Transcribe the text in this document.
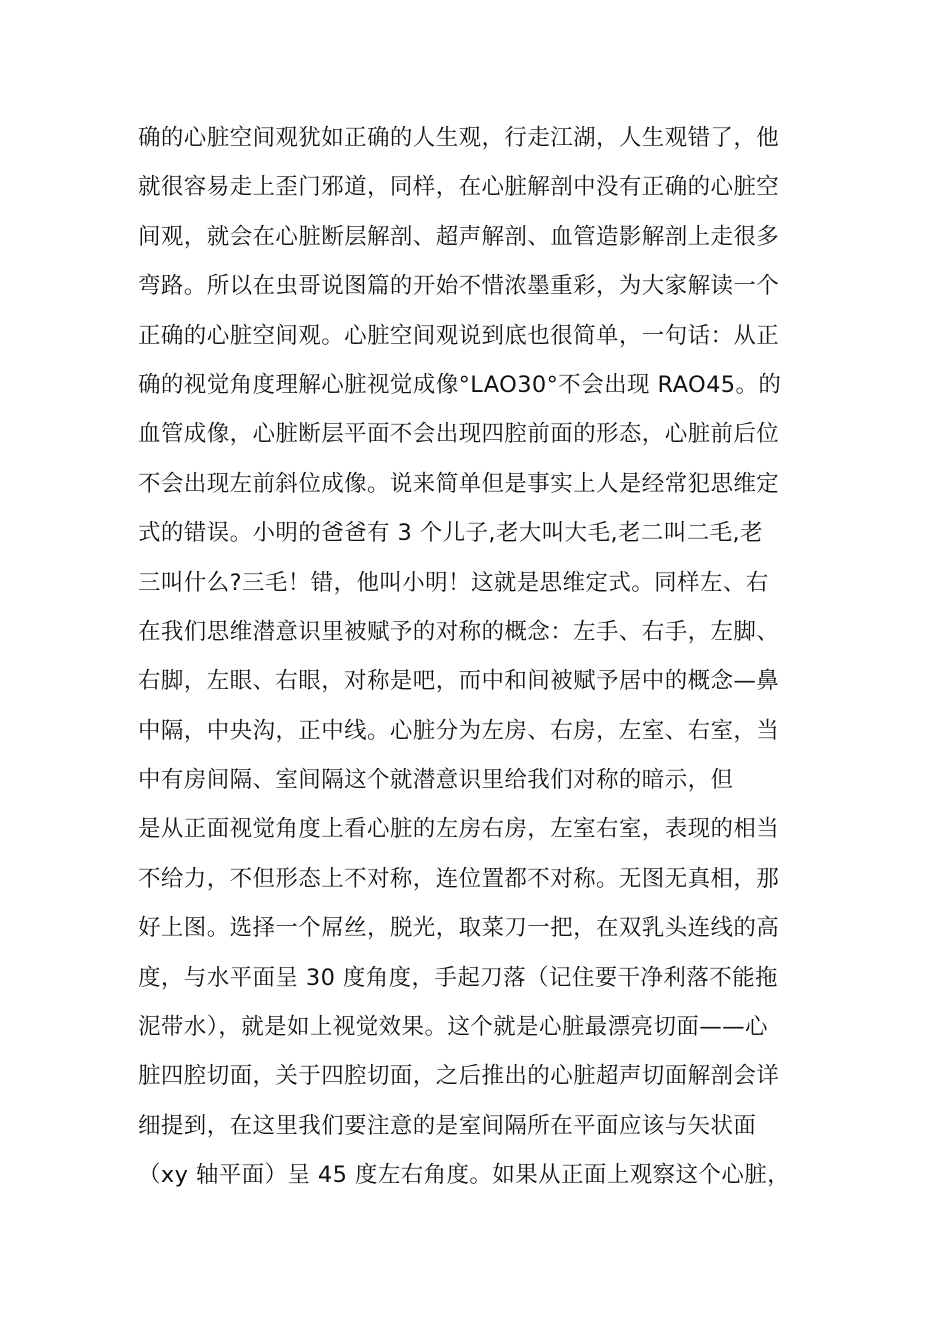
确的心脏空间观犹如正确的人生观，行走江湖，人生观错了，他
就很容易走上歪门邪道，同样，在心脏解剖中没有正确的心脏空
间观，就会在心脏断层解剖、超声解剖、血管造影解剖上走很多
弯路。所以在虫哥说图篇的开始不惜浓墨重彩，为大家解读一个
正确的心脏空间观。心脏空间观说到底也很简单，一句话：从正
确的视觉角度理解心脏视觉成像°LAO30°不会出现 RAO45。的
血管成像，心脏断层平面不会出现四腔前面的形态，心脏前后位
不会出现左前斜位成像。说来简单但是事实上人是经常犯思维定
式的错误。小明的爸爸有 3 个儿子,老大叫大毛,老二叫二毛,老
三叫什么?三毛！错，他叫小明！这就是思维定式。同样左、右
在我们思维潜意识里被赋予的对称的概念：左手、右手，左脚、
右脚，左眼、右眼，对称是吧，而中和间被赋予居中的概念—鼻
中隔，中央沟，正中线。心脏分为左房、右房，左室、右室，当
中有房间隔、室间隔这个就潜意识里给我们对称的暗示，但
是从正面视觉角度上看心脏的左房右房，左室右室，表现的相当
不给力，不但形态上不对称，连位置都不对称。无图无真相，那
好上图。选择一个屌丝，脱光，取菜刀一把，在双乳头连线的高
度，与水平面呈 30 度角度，手起刀落（记住要干净利落不能拖
泥带水），就是如上视觉效果。这个就是心脏最漂亮切面——心
脏四腔切面，关于四腔切面，之后推出的心脏超声切面解剖会详
细提到，在这里我们要注意的是室间隔所在平面应该与矢状面
（xy 轴平面）呈 45 度左右角度。如果从正面上观察这个心脏，
